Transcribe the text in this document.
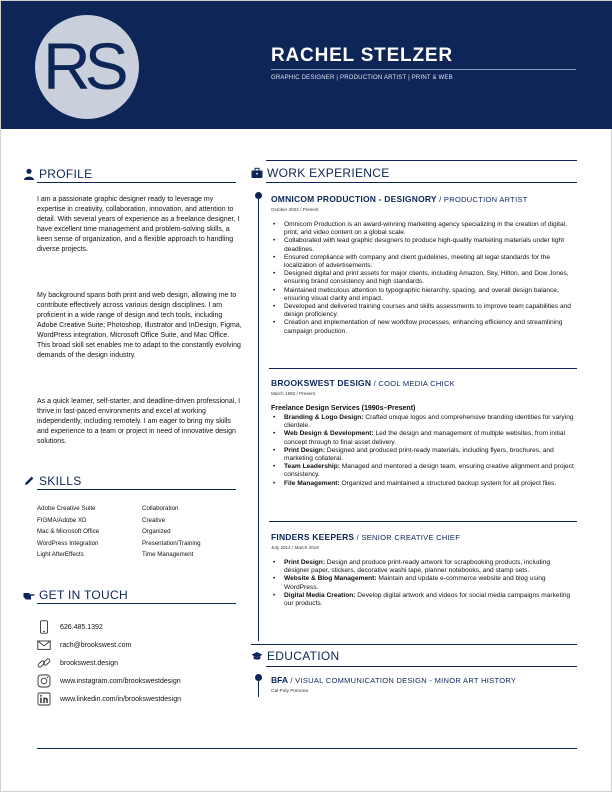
RS	RACHEL STELZER
GRAPHIC DESIGNER | PRODUCTION ARTIST | PRINT & WEB
PROFILE
I am a passionate graphic designer ready to leverage my expertise in creativity, collaboration, innovation, and attention to detail. With several years of experience as a freelance designer, I have excellent time management and problem-solving skills, a keen sense of organization, and a flexible approach to handling diverse projects.
My background spans both print and web design, allowing me to contribute effectively across various design disciplines. I am proficient in a wide range of design and tech tools, including Adobe Creative Suite; Photoshop, Illustrator and InDesign, Figma, WordPress integration, Microsoft Office Suite, and Mac Office. This broad skill set enables me to adapt to the constantly evolving demands of the design industry.
As a quick learner, self-starter, and deadline-driven professional, I thrive in fast-paced environments and excel at working independently, including remotely. I am eager to bring my skills and experience to a team or project in need of innovative design solutions.
SKILLS
Adobe Creative Suite
FIGMA/Adobe XD
Mac & Microsoft Office
WordPress Integration
Light AfterEffects
Collaboration
Creative
Organized
Presentation/Training
Time Management
GET IN TOUCH
626.485.1392
rach@brookswest.com
brookswest.design
www.instagram.com/brookswestdesign
www.linkedin.com/in/brookswestdesign
WORK EXPERIENCE
OMNICOM PRODUCTION - DESIGNORY / PRODUCTION ARTIST
October 2022 / Present
• Omnicom Production is an award-winning marketing agency specializing in the creation of digital, print, and video content on a global scale.
• Collaborated with lead graphic designers to produce high-quality marketing materials under tight deadlines.
• Ensured compliance with company and client guidelines, meeting all legal standards for the localization of advertisements.
• Designed digital and print assets for major clients, including Amazon, Sky, Hilton, and Dow Jones, ensuring brand consistency and high standards.
• Maintained meticulous attention to typographic hierarchy, spacing, and overall design balance, ensuring visual clarity and impact.
• Developed and delivered training courses and skills assessments to improve team capabilities and design proficiency.
• Creation and implementation of new workflow processes, enhancing efficiency and streamlining campaign production.
BROOKSWEST DESIGN / COOL MEDIA CHICK
March 1992 / Present
Freelance Design Services (1990s–Present)
• Branding & Logo Design: Crafted unique logos and comprehensive branding identities for varying clientele.
• Web Design & Development: Led the design and management of multiple websites, from initial concept through to final asset delivery.
• Print Design: Designed and produced print-ready materials, including flyers, brochures, and marketing collateral.
• Team Leadership: Managed and mentored a design team, ensuring creative alignment and project consistency.
• File Management: Organized and maintained a structured backup system for all project files.
FINDERS KEEPERS / SENIOR CREATIVE CHIEF
July 2014 / March 2019
• Print Design: Design and produce print-ready artwork for scrapbooking products, including designer paper, stickers, decorative washi tape, planner notebooks, and stamp sets.
• Website & Blog Management: Maintain and update e-commerce website and blog using WordPress.
• Digital Media Creation: Develop digital artwork and videos for social media campaigns marketing our products.
EDUCATION
BFA / VISUAL COMMUNICATION DESIGN - MINOR ART HISTORY
Cal Poly Pomona
